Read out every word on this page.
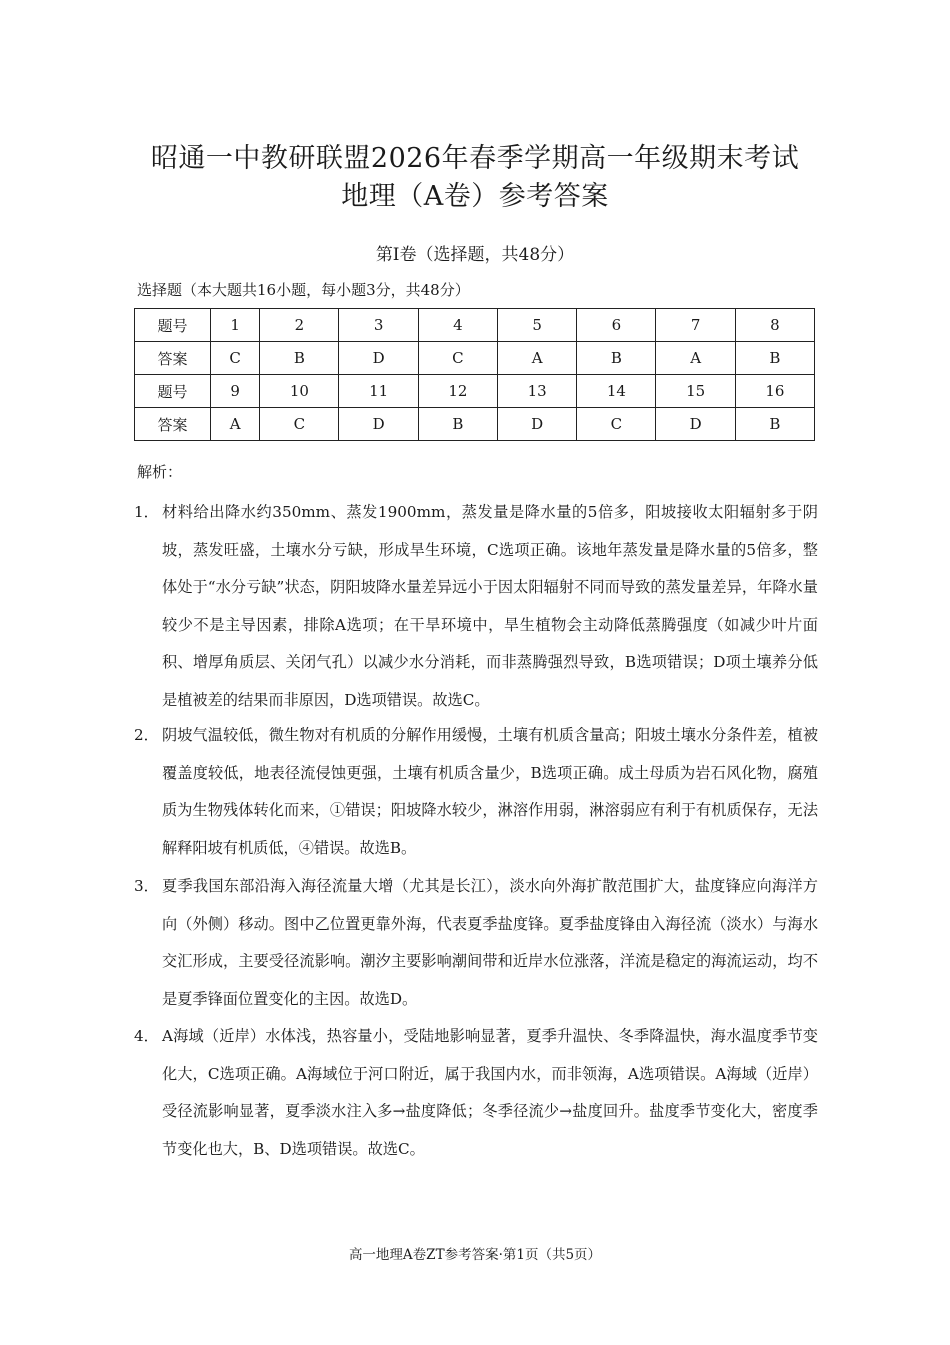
昭通一中教研联盟2026年春季学期高一年级期末考试
地理（A卷）参考答案
第Ⅰ卷（选择题，共48分）
选择题（本大题共16小题，每小题3分，共48分）
题号	1	2	3	4	5	6	7	8
答案	C	B	D	C	A	B	A	B
题号	9	10	11	12	13	14	15	16
答案	A	C	D	B	D	C	D	B
解析：
1． 材料给出降水约350mm、蒸发1900mm，蒸发量是降水量的5倍多，阳坡接收太阳辐射多于阴坡，蒸发旺盛，土壤水分亏缺，形成旱生环境，C选项正确。该地年蒸发量是降水量的5倍多，整体处于“水分亏缺”状态，阴阳坡降水量差异远小于因太阳辐射不同而导致的蒸发量差异，年降水量较少不是主导因素，排除A选项；在干旱环境中，旱生植物会主动降低蒸腾强度（如减少叶片面积、增厚角质层、关闭气孔）以减少水分消耗，而非蒸腾强烈导致，B选项错误；D项土壤养分低是植被差的结果而非原因，D选项错误。故选C。
2． 阴坡气温较低，微生物对有机质的分解作用缓慢，土壤有机质含量高；阳坡土壤水分条件差，植被覆盖度较低，地表径流侵蚀更强，土壤有机质含量少，B选项正确。成土母质为岩石风化物，腐殖质为生物残体转化而来，①错误；阳坡降水较少，淋溶作用弱，淋溶弱应有利于有机质保存，无法解释阳坡有机质低，④错误。故选B。
3． 夏季我国东部沿海入海径流量大增（尤其是长江），淡水向外海扩散范围扩大，盐度锋应向海洋方向（外侧）移动。图中乙位置更靠外海，代表夏季盐度锋。夏季盐度锋由入海径流（淡水）与海水交汇形成，主要受径流影响。潮汐主要影响潮间带和近岸水位涨落，洋流是稳定的海流运动，均不是夏季锋面位置变化的主因。故选D。
4． A海域（近岸）水体浅，热容量小，受陆地影响显著，夏季升温快、冬季降温快，海水温度季节变化大，C选项正确。A海域位于河口附近，属于我国内水，而非领海，A选项错误。A海域（近岸）受径流影响显著，夏季淡水注入多→盐度降低；冬季径流少→盐度回升。盐度季节变化大，密度季节变化也大，B、D选项错误。故选C。
高一地理A卷ZT参考答案·第1页（共5页）
